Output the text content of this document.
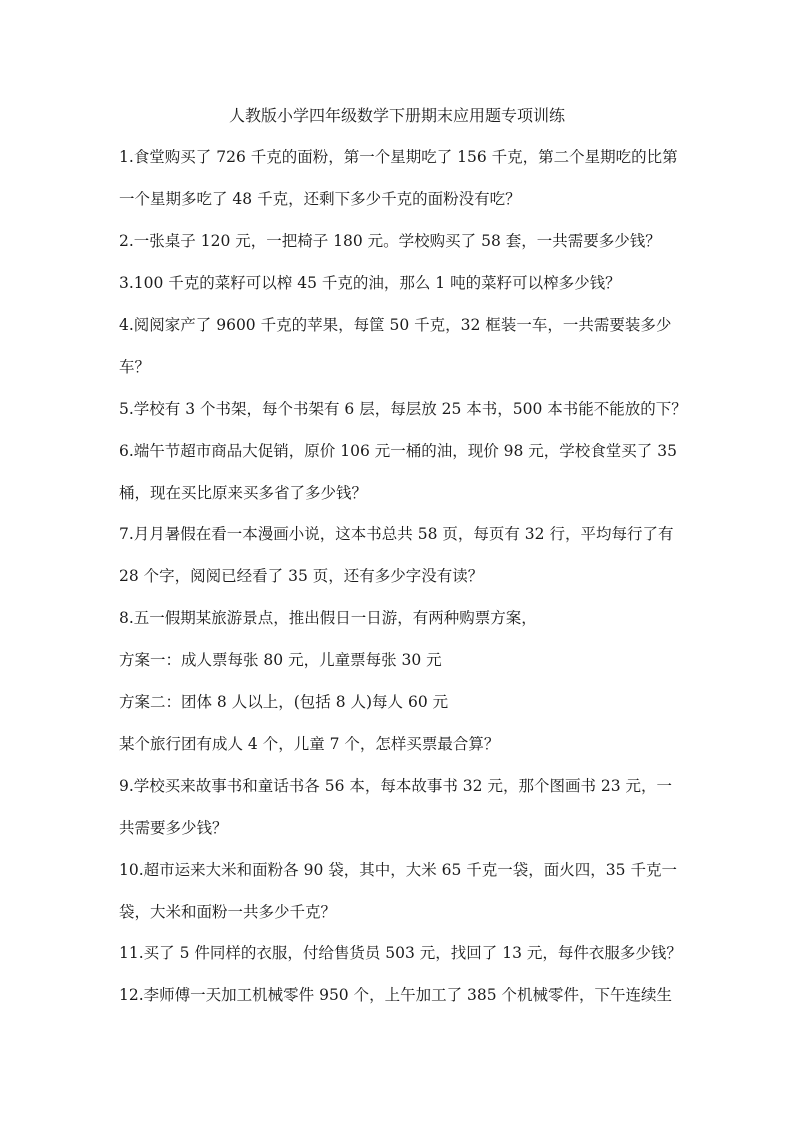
人教版小学四年级数学下册期末应用题专项训练
1.食堂购买了 726 千克的面粉，第一个星期吃了 156 千克，第二个星期吃的比第
一个星期多吃了 48 千克，还剩下多少千克的面粉没有吃？
2.一张桌子 120 元，一把椅子 180 元。学校购买了 58 套，一共需要多少钱？
3.100 千克的菜籽可以榨 45 千克的油，那么 1 吨的菜籽可以榨多少钱？
4.阅阅家产了 9600 千克的苹果，每筐 50 千克，32 框装一车，一共需要装多少
车？
5.学校有 3 个书架，每个书架有 6 层，每层放 25 本书，500 本书能不能放的下？
6.端午节超市商品大促销，原价 106 元一桶的油，现价 98 元，学校食堂买了 35
桶，现在买比原来买多省了多少钱？
7.月月暑假在看一本漫画小说，这本书总共 58 页，每页有 32 行，平均每行了有
28 个字，阅阅已经看了 35 页，还有多少字没有读？
8.五一假期某旅游景点，推出假日一日游，有两种购票方案，
方案一：成人票每张 80 元，儿童票每张 30 元
方案二：团体 8 人以上，(包括 8 人)每人 60 元
某个旅行团有成人 4 个，儿童 7 个，怎样买票最合算？
9.学校买来故事书和童话书各 56 本，每本故事书 32 元，那个图画书 23 元，一
共需要多少钱？
10.超市运来大米和面粉各 90 袋，其中，大米 65 千克一袋，面火四，35 千克一
袋，大米和面粉一共多少千克？
11.买了 5 件同样的衣服，付给售货员 503 元，找回了 13 元，每件衣服多少钱？
12.李师傅一天加工机械零件 950 个，上午加工了 385 个机械零件，下午连续生
